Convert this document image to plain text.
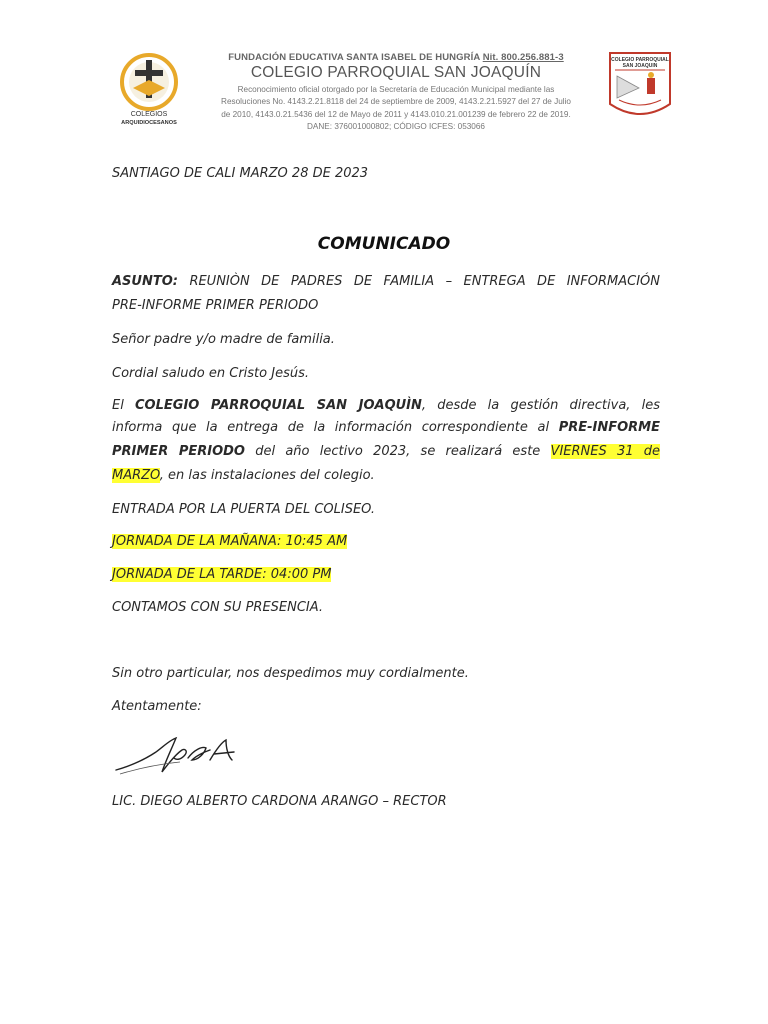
COLEGIOS
ARQUIDIOCESANOS
FUNDACIÓN EDUCATIVA SANTA ISABEL DE HUNGRÍA Nit. 800.256.881-3
COLEGIO PARROQUIAL SAN JOAQUÍN
Reconocimiento oficial otorgado por la Secretaría de Educación Municipal mediante las
Resoluciones No. 4143.2.21.8118 del 24 de septiembre de 2009, 4143.2.21.5927 del 27 de Julio
de 2010, 4143.0.21.5436 del 12 de Mayo de 2011 y 4143.010.21.001239 de febrero 22 de 2019.
DANE: 376001000802; CÓDIGO ICFES: 053066
COLEGIO PARROQUIAL
SAN JOAQUIN
SANTIAGO DE CALI MARZO 28 DE 2023
COMUNICADO
ASUNTO: REUNIÒN DE PADRES DE FAMILIA – ENTREGA DE INFORMACIÓN
PRE-INFORME PRIMER PERIODO
Señor padre y/o madre de familia.
Cordial saludo en Cristo Jesús.
El COLEGIO PARROQUIAL SAN JOAQUÌN, desde la gestión directiva, les
informa que la entrega de la información correspondiente al PRE-INFORME
PRIMER PERIODO del año lectivo 2023, se realizará este VIERNES 31 de
MARZO, en las instalaciones del colegio.
ENTRADA POR LA PUERTA DEL COLISEO.
JORNADA DE LA MAÑANA: 10:45 AM
JORNADA DE LA TARDE: 04:00 PM
CONTAMOS CON SU PRESENCIA.
Sin otro particular, nos despedimos muy cordialmente.
Atentamente:
LIC. DIEGO ALBERTO CARDONA ARANGO – RECTOR
